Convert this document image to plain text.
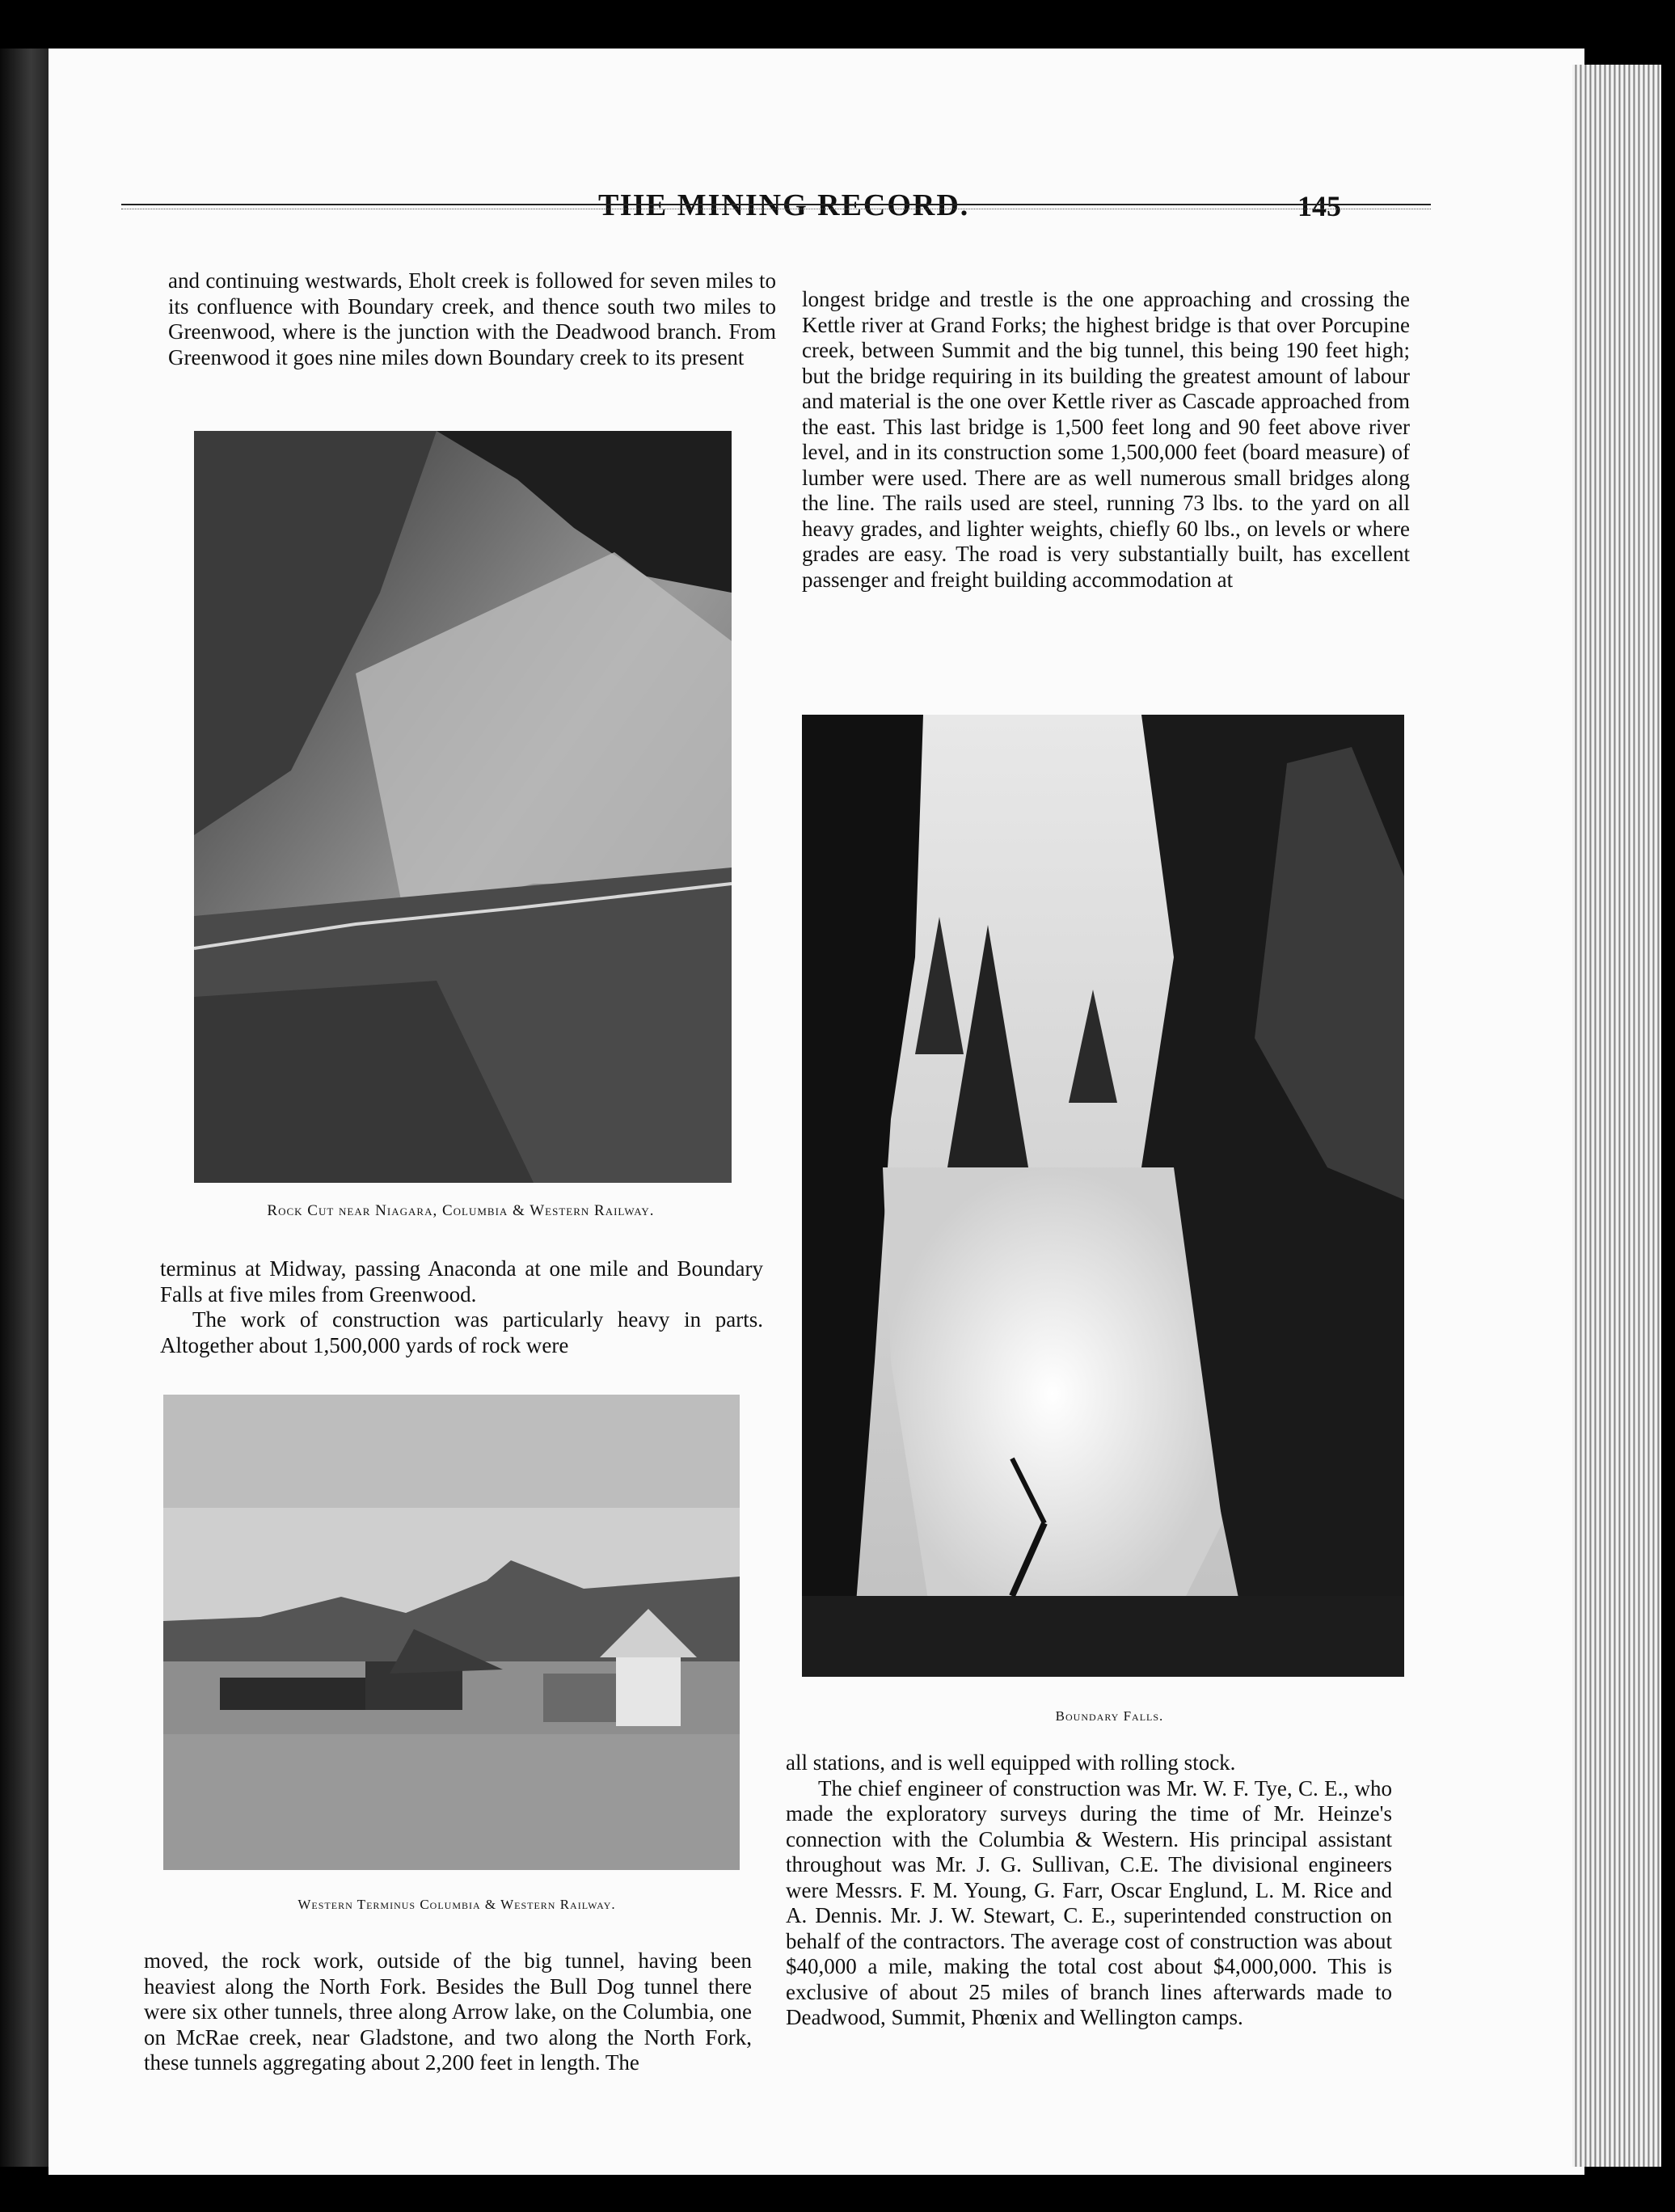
THE MINING RECORD.	145

and continuing westwards, Eholt creek is followed for seven miles to its confluence with Boundary creek, and thence south two miles to Greenwood, where is the junction with the Deadwood branch. From Greenwood it goes nine miles down Boundary creek to its present

Rock Cut near Niagara, Columbia & Western Railway.

terminus at Midway, passing Anaconda at one mile and Boundary Falls at five miles from Greenwood.

The work of construction was particularly heavy in parts. Altogether about 1,500,000 yards of rock were

Western Terminus Columbia & Western Railway.

moved, the rock work, outside of the big tunnel, having been heaviest along the North Fork. Besides the Bull Dog tunnel there were six other tunnels, three along Arrow lake, on the Columbia, one on McRae creek, near Gladstone, and two along the North Fork, these tunnels aggregating about 2,200 feet in length. The

longest bridge and trestle is the one approaching and crossing the Kettle river at Grand Forks; the highest bridge is that over Porcupine creek, between Summit and the big tunnel, this being 190 feet high; but the bridge requiring in its building the greatest amount of labour and material is the one over Kettle river as Cascade approached from the east. This last bridge is 1,500 feet long and 90 feet above river level, and in its construction some 1,500,000 feet (board measure) of lumber were used. There are as well numerous small bridges along the line. The rails used are steel, running 73 lbs. to the yard on all heavy grades, and lighter weights, chiefly 60 lbs., on levels or where grades are easy. The road is very substantially built, has excellent passenger and freight building accommodation at

Boundary Falls.

all stations, and is well equipped with rolling stock.

The chief engineer of construction was Mr. W. F. Tye, C. E., who made the exploratory surveys during the time of Mr. Heinze's connection with the Columbia & Western. His principal assistant throughout was Mr. J. G. Sullivan, C.E. The divisional engineers were Messrs. F. M. Young, G. Farr, Oscar Englund, L. M. Rice and A. Dennis. Mr. J. W. Stewart, C. E., superintended construction on behalf of the contractors. The average cost of construction was about $40,000 a mile, making the total cost about $4,000,000. This is exclusive of about 25 miles of branch lines afterwards made to Deadwood, Summit, Phœnix and Wellington camps.
